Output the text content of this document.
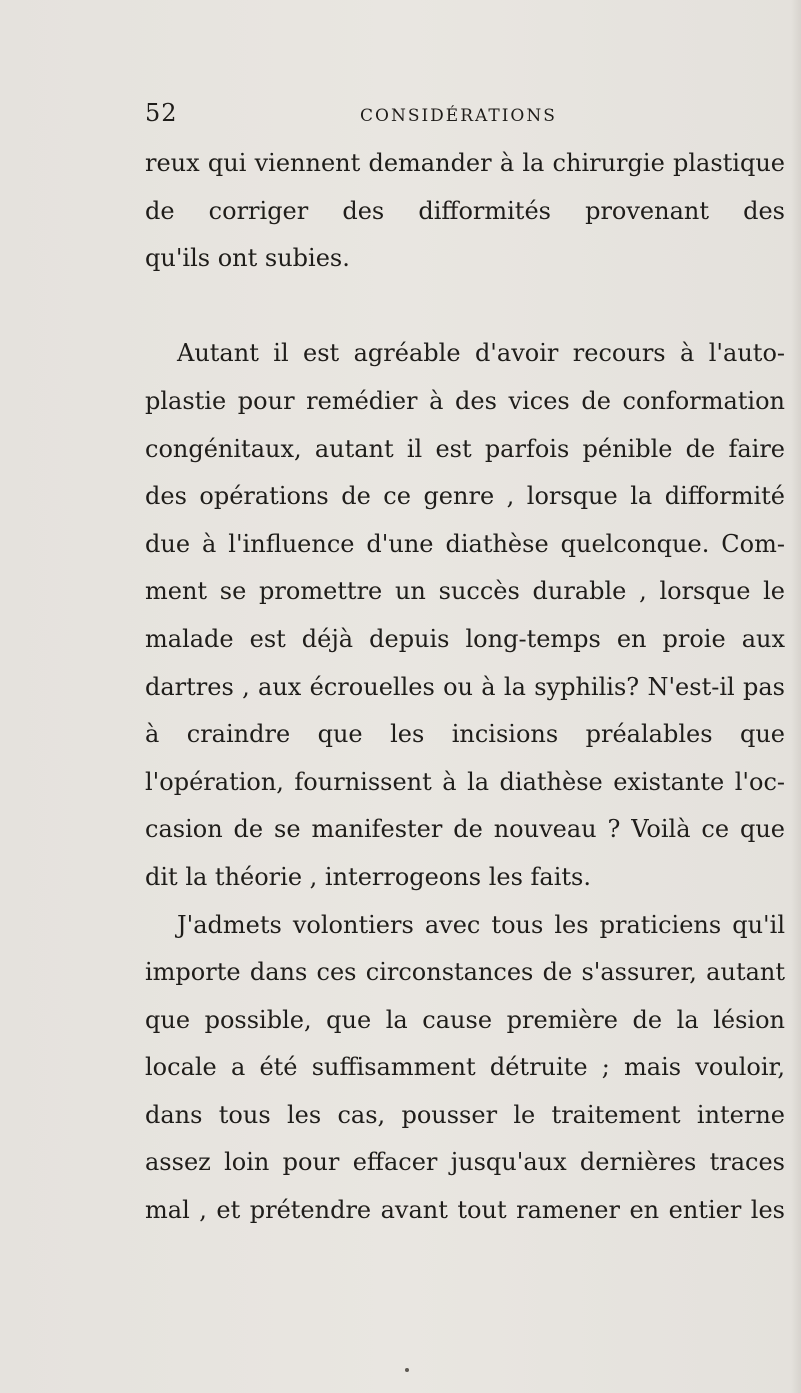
52	CONSIDÉRATIONS
reux qui viennent demander à la chirurgie plastique
de corriger des difformités provenant des
qu'ils ont subies.
Autant il est agréable d'avoir recours à l'auto-
plastie pour remédier à des vices de conformation
congénitaux, autant il est parfois pénible de faire
des opérations de ce genre , lorsque la difformité
due à l'influence d'une diathèse quelconque. Com-
ment se promettre un succès durable , lorsque le
malade est déjà depuis long-temps en proie aux
dartres , aux écrouelles ou à la syphilis? N'est-il pas
à craindre que les incisions préalables que
l'opération, fournissent à la diathèse existante l'oc-
casion de se manifester de nouveau ? Voilà ce que
dit la théorie , interrogeons les faits.
J'admets volontiers avec tous les praticiens qu'il
importe dans ces circonstances de s'assurer, autant
que possible, que la cause première de la lésion
locale a été suffisamment détruite ; mais vouloir,
dans tous les cas, pousser le traitement interne
assez loin pour effacer jusqu'aux dernières traces
mal , et prétendre avant tout ramener en entier les
